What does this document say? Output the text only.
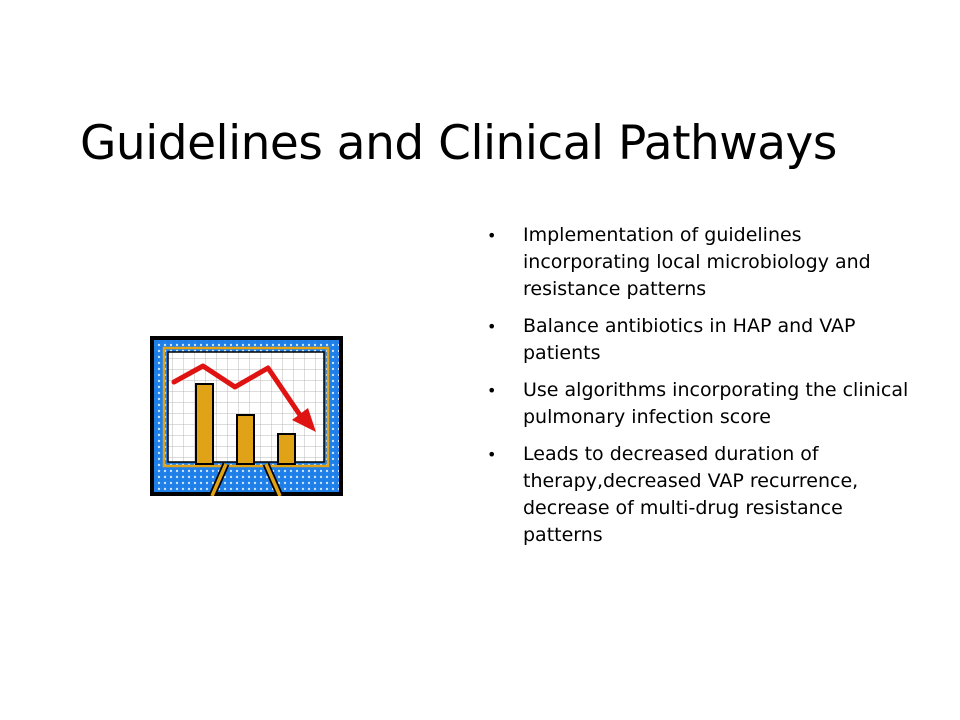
Guidelines and Clinical Pathways
• Implementation of guidelines incorporating local microbiology and resistance patterns
• Balance antibiotics in HAP and VAP patients
• Use algorithms incorporating the clinical pulmonary infection score
• Leads to decreased duration of therapy,decreased VAP recurrence, decrease of multi-drug resistance patterns
